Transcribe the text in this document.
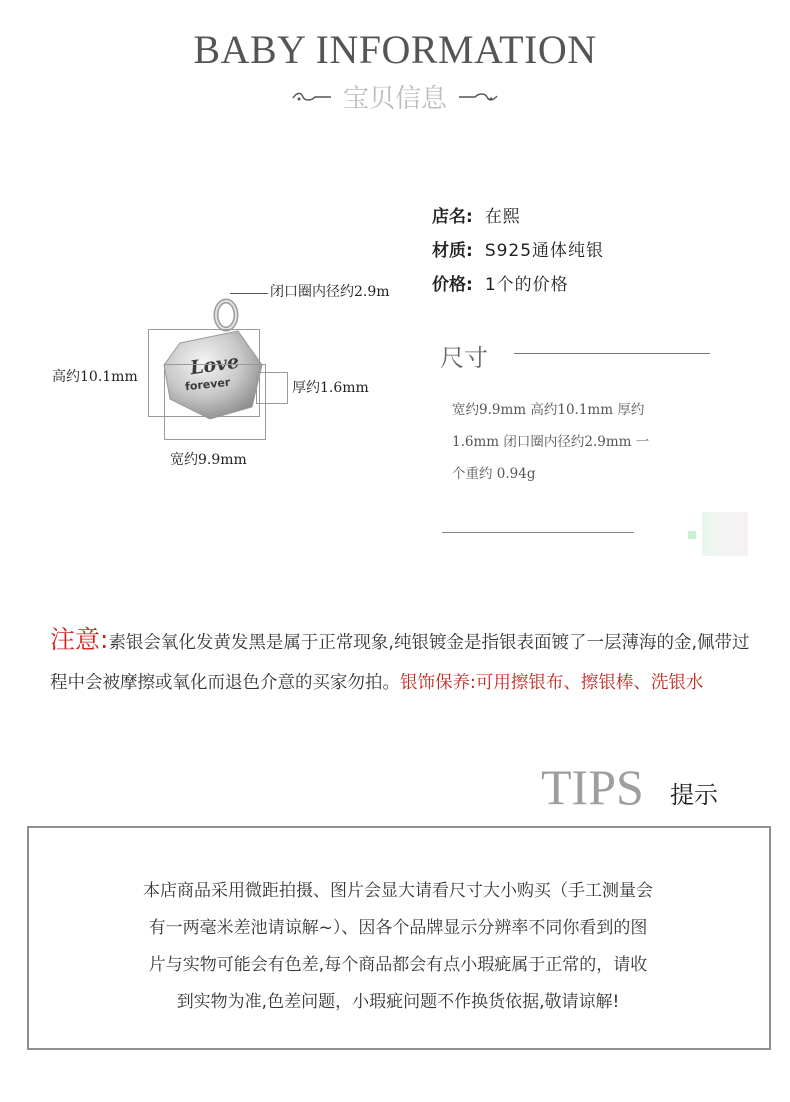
BABY INFORMATION
宝贝信息
Love
forever
闭口圈内径约2.9m
高约10.1mm
厚约1.6mm
宽约9.9mm
店名: 在熙
材质: S925通体纯银
价格: 1个的价格
尺寸
宽约9.9mm 高约10.1mm 厚约
1.6mm 闭口圈内径约2.9mm 一
个重约 0.94g
注意:素银会氧化发黄发黑是属于正常现象,纯银镀金是指银表面镀了一层薄海的金,佩带过程中会被摩擦或氧化而退色介意的买家勿拍。银饰保养:可用擦银布、擦银棒、洗银水
TIPS 提示
本店商品采用微距拍摄、图片会显大请看尺寸大小购买（手工测量会
有一两毫米差池请谅解~）、因各个品牌显示分辨率不同你看到的图
片与实物可能会有色差,每个商品都会有点小瑕疵属于正常的，请收
到实物为准,色差问题，小瑕疵问题不作换货依据,敬请谅解!
